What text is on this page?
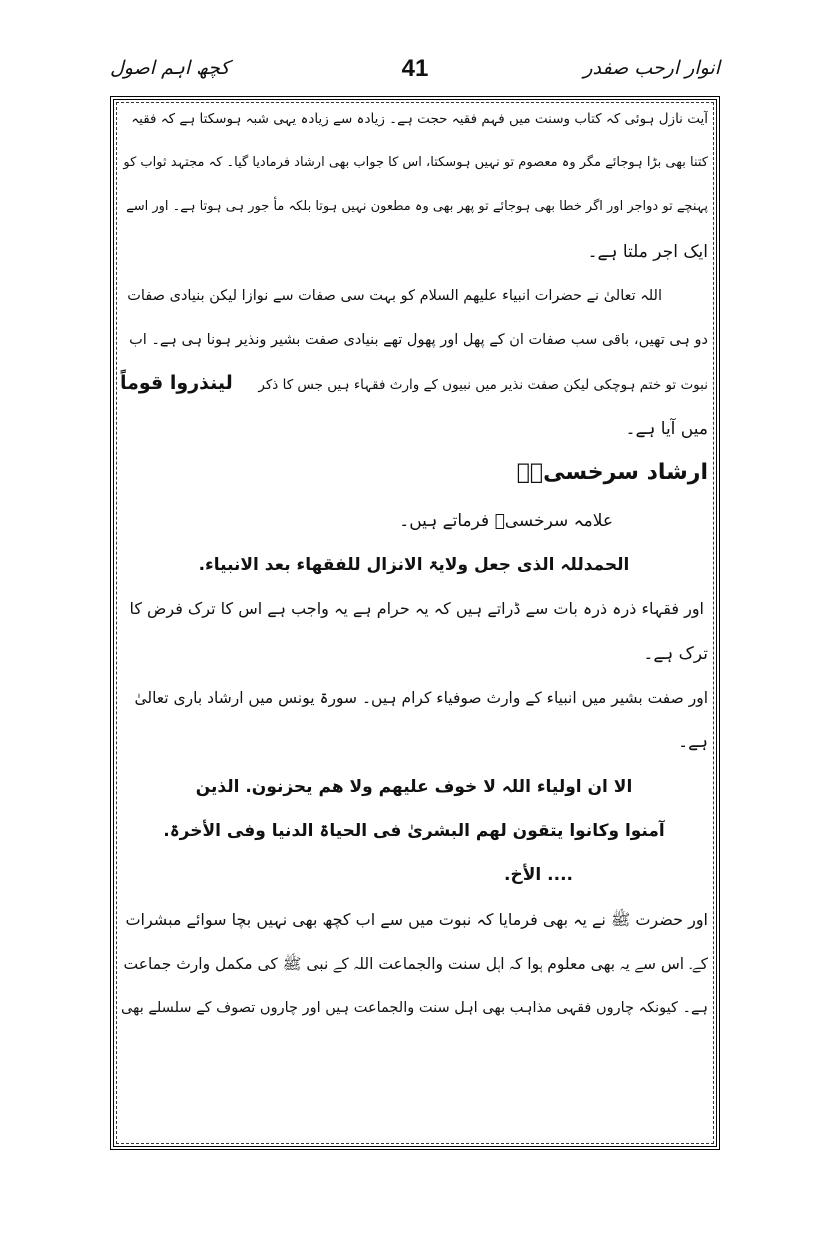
انوار ارحب صفدر
41
کچھ اہم اصول
آیت نازل ہوئی کہ کتاب وسنت میں فہم فقیہ حجت ہے۔ زیادہ سے زیادہ یہی شبہ ہوسکتا ہے کہ فقیہ
کتنا بھی بڑا ہوجائے مگر وہ معصوم تو نہیں ہوسکتا، اس کا جواب بھی ارشاد فرمادیا گیا۔ کہ مجتہد ثواب کو
پہنچے تو دواجر اور اگر خطا بھی ہوجائے تو پھر بھی وہ مطعون نہیں ہوتا بلکہ مأ جور ہی ہوتا ہے۔ اور اسے
ایک اجر ملتا ہے۔
اللہ تعالیٰ نے حضرات انبیاء علیھم السلام کو بہت سی صفات سے نوازا لیکن بنیادی صفات
دو ہی تھیں، باقی سب صفات ان کے پھل اور پھول تھے بنیادی صفت بشیر ونذیر ہونا ہی ہے۔ اب
نبوت تو ختم ہوچکی لیکن صفت نذیر میں نبیوں کے وارث فقہاء ہیں جس کا ذکر
لینذروا قوماً
میں آیا ہے۔
ارشاد سرخسیؒ۔
علامہ سرخسیؒ فرماتے ہیں۔
الحمدللہ الذی جعل ولایۃ الانزال للفقھاء بعد الانبیاء.
اور فقہاء ذرہ ذرہ بات سے ڈراتے ہیں کہ یہ حرام ہے یہ واجب ہے اس کا ترک فرض کا
ترک ہے۔
اور صفت بشیر میں انبیاء کے وارث صوفیاء کرام ہیں۔ سورۃ یونس میں ارشاد باری تعالیٰ
ہے۔
الا ان اولیاء اللہ لا خوف علیھم ولا ھم یحزنون. الذین
آمنوا وکانوا یتقون لھم البشریٰ فی الحیاۃ الدنیا وفی الأخرۃ.
.... الأخ.
اور حضرت ﷺ نے یہ بھی فرمایا کہ نبوت میں سے اب کچھ بھی نہیں بچا سوائے مبشرات
کے۔ اس سے یہ بھی معلوم ہوا کہ اہل سنت والجماعت اللہ کے نبی ﷺ کی مکمل وارث جماعت
ہے۔ کیونکہ چاروں فقہی مذاہب بھی اہل سنت والجماعت ہیں اور چاروں تصوف کے سلسلے بھی
